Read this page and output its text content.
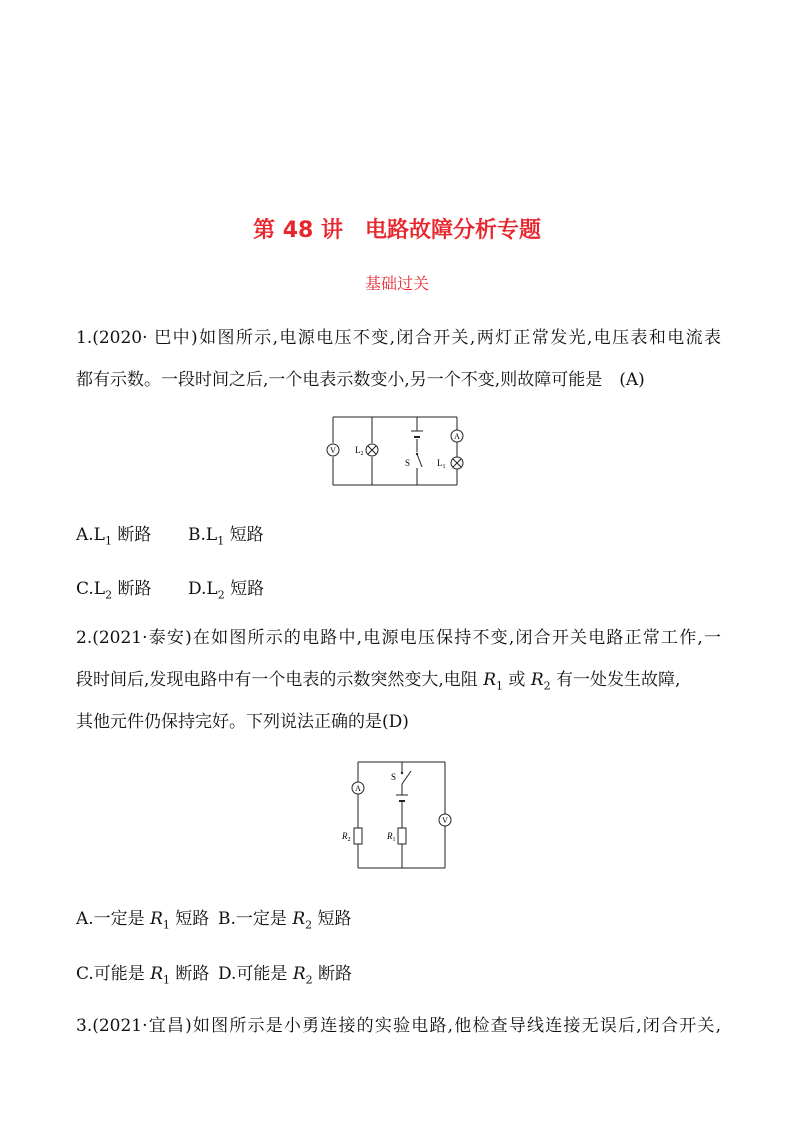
第 48 讲　电路故障分析专题
基础过关
1.(2020· 巴中)如图所示,电源电压不变,闭合开关,两灯正常发光,电压表和电流表
都有示数。一段时间之后,一个电表示数变小,另一个不变,则故障可能是　(A)
V $L_2$
S
A
$L_1$
$A.L_1$ 断路 $B.L_1$ 短路
$C.L_2$ 断路 $D.L_2$ 短路
2.(2021·泰安)在如图所示的电路中,电源电压保持不变,闭合开关电路正常工作,一
段时间后,发现电路中有一个电表的示数突然变大,电阻 $R_1$ 或 $R_2$ 有一处发生故障,
其他元件仍保持完好。下列说法正确的是(D)
S
A
V
$R_2$	$R_1$
A.一定是 $R_1$ 短路 B.一定是 $R_2$ 短路
C.可能是 $R_1$ 断路 D.可能是 $R_2$ 断路
3.(2021·宜昌)如图所示是小勇连接的实验电路,他检查导线连接无误后,闭合开关,
